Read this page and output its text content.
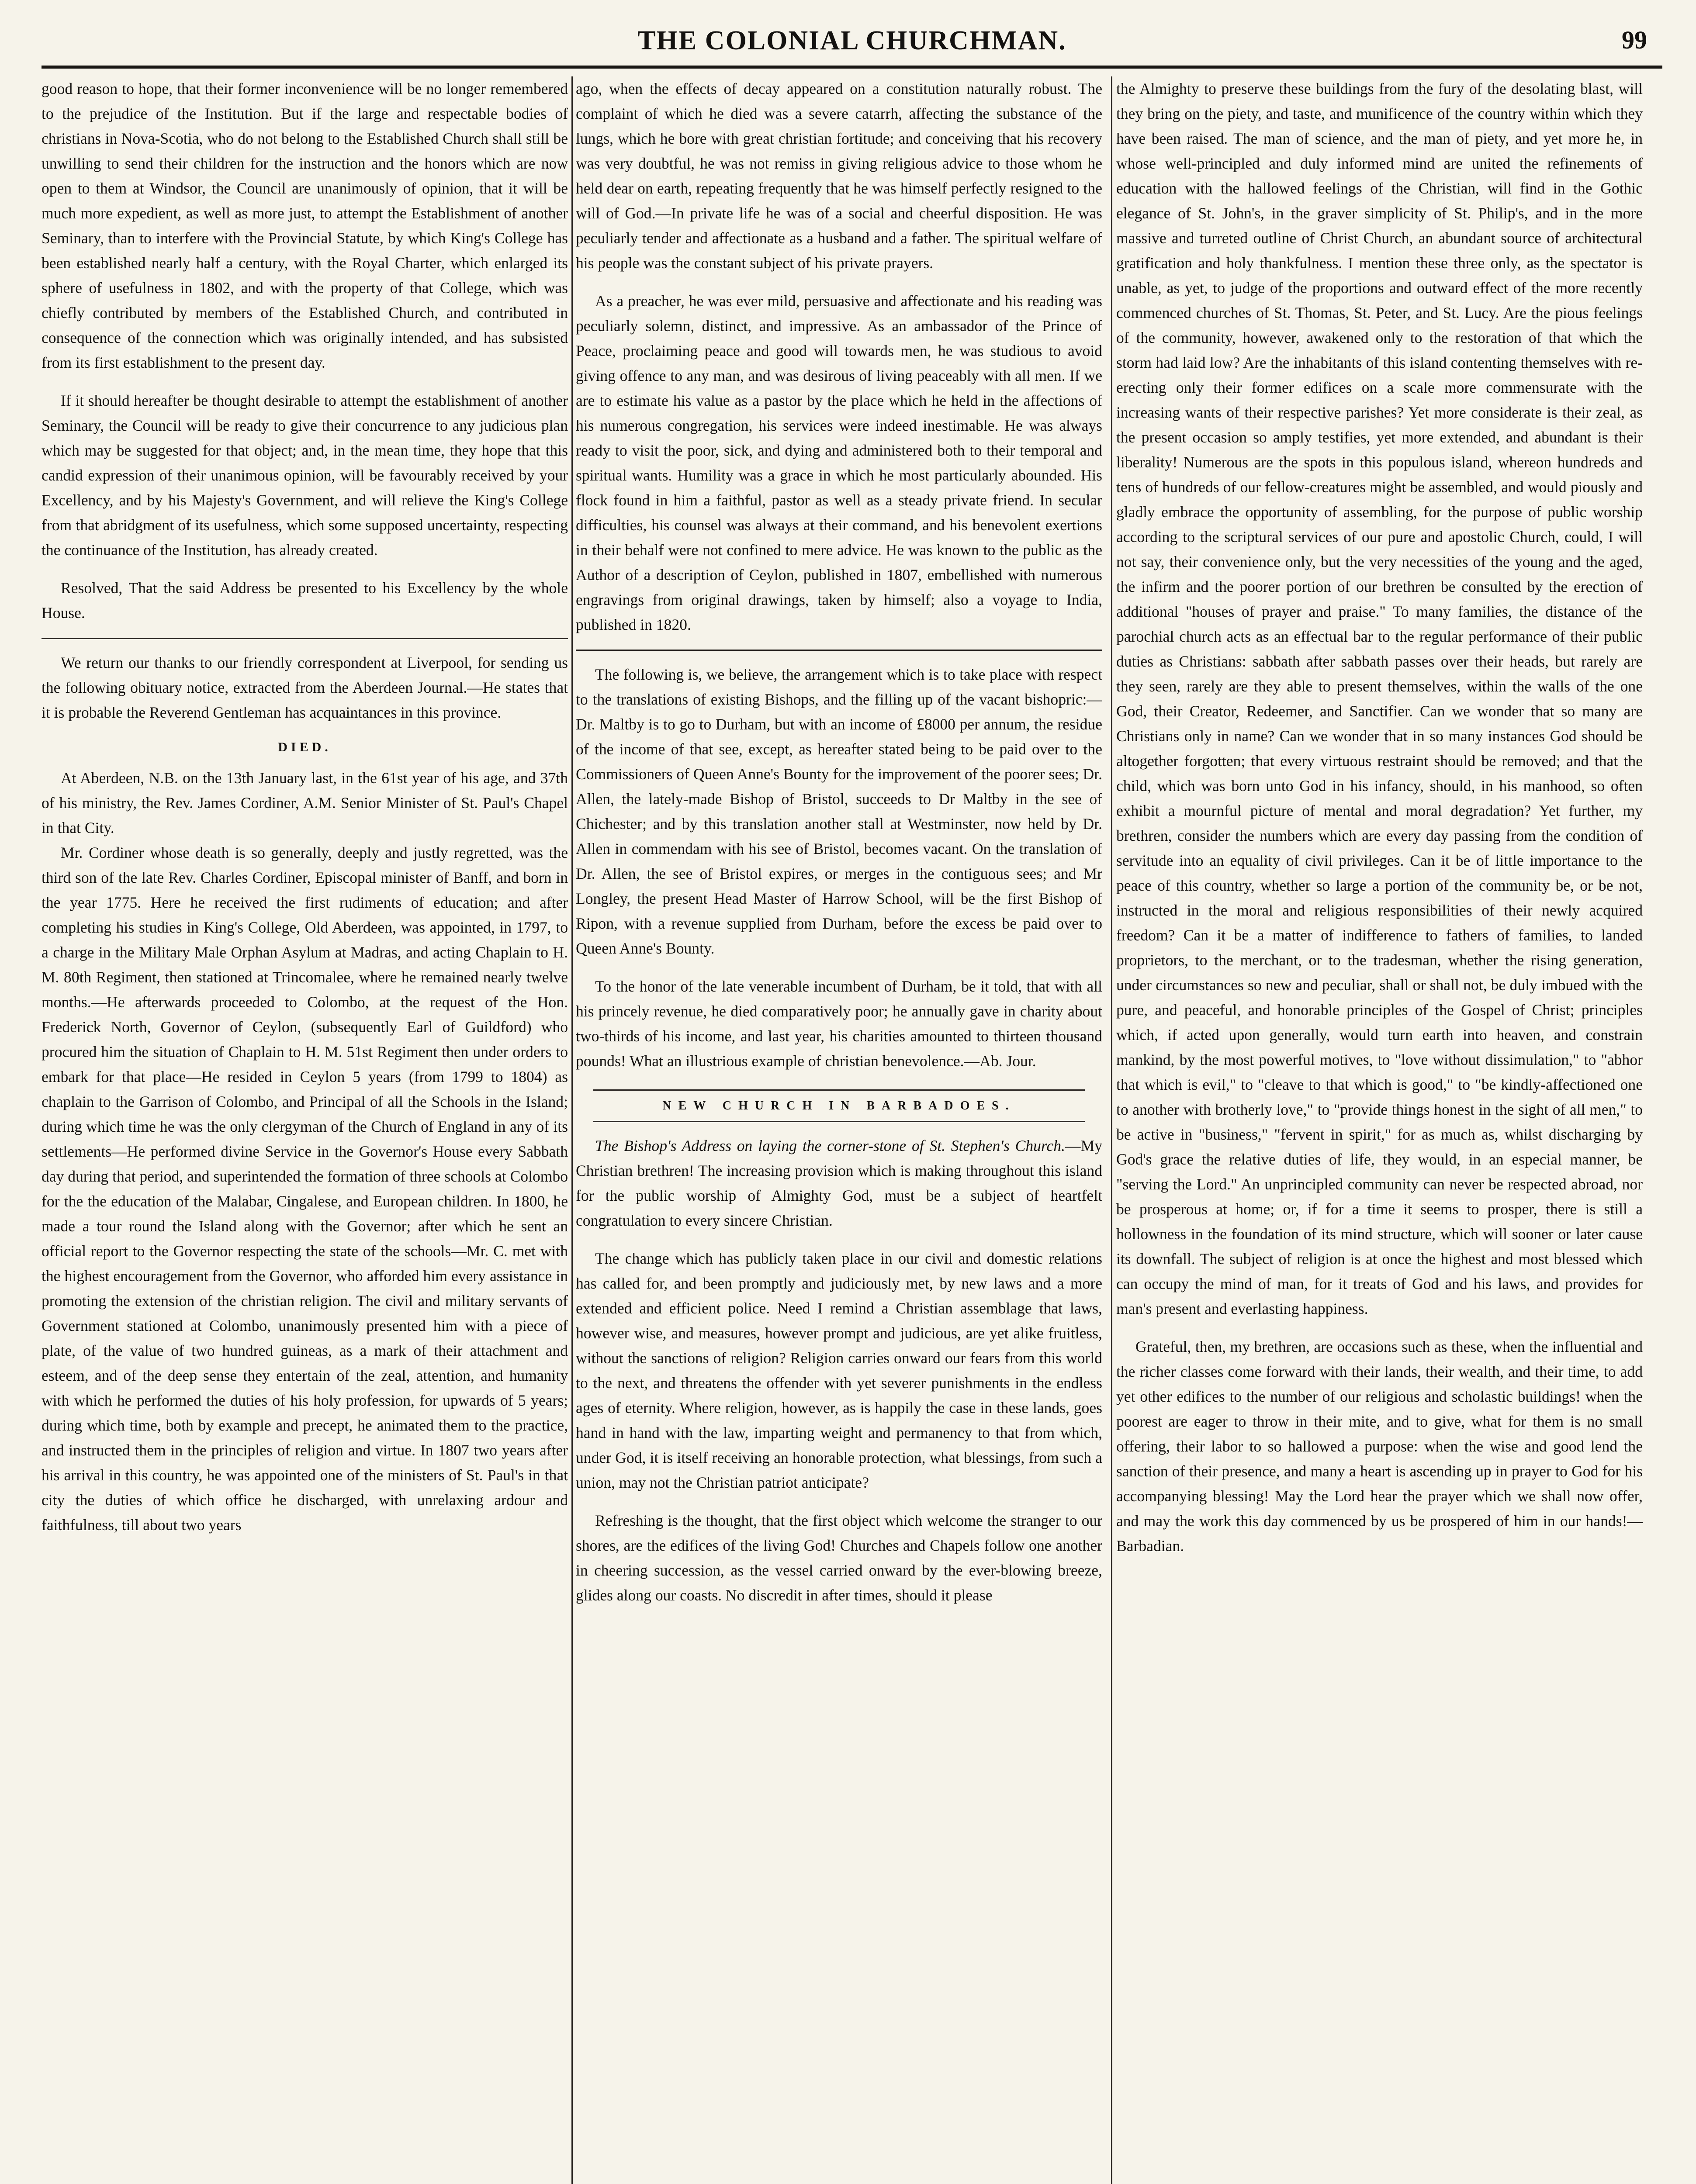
THE COLONIAL CHURCHMAN.	99

good reason to hope, that their former inconvenience will be no longer remembered to the prejudice of the Institution. But if the large and respectable bodies of christians in Nova-Scotia, who do not belong to the Established Church shall still be unwilling to send their children for the instruction and the honors which are now open to them at Windsor, the Council are unanimously of opinion, that it will be much more expedient, as well as more just, to attempt the Establishment of another Seminary, than to interfere with the Provincial Statute, by which King's College has been established nearly half a century, with the Royal Charter, which enlarged its sphere of usefulness in 1802, and with the property of that College, which was chiefly contributed by members of the Established Church, and contributed in consequence of the connection which was originally intended, and has subsisted from its first establishment to the present day.

If it should hereafter be thought desirable to attempt the establishment of another Seminary, the Council will be ready to give their concurrence to any judicious plan which may be suggested for that object; and, in the mean time, they hope that this candid expression of their unanimous opinion, will be favourably received by your Excellency, and by his Majesty's Government, and will relieve the King's College from that abridgment of its usefulness, which some supposed uncertainty, respecting the continuance of the Institution, has already created.

Resolved, That the said Address be presented to his Excellency by the whole House.

We return our thanks to our friendly correspondent at Liverpool, for sending us the following obituary notice, extracted from the Aberdeen Journal.—He states that it is probable the Reverend Gentleman has acquaintances in this province.

DIED.

At Aberdeen, N.B. on the 13th January last, in the 61st year of his age, and 37th of his ministry, the Rev. James Cordiner, A.M. Senior Minister of St. Paul's Chapel in that City.

Mr. Cordiner whose death is so generally, deeply and justly regretted, was the third son of the late Rev. Charles Cordiner, Episcopal minister of Banff, and born in the year 1775. Here he received the first rudiments of education; and after completing his studies in King's College, Old Aberdeen, was appointed, in 1797, to a charge in the Military Male Orphan Asylum at Madras, and acting Chaplain to H. M. 80th Regiment, then stationed at Trincomalee, where he remained nearly twelve months.—He afterwards proceeded to Colombo, at the request of the Hon. Frederick North, Governor of Ceylon, (subsequently Earl of Guildford) who procured him the situation of Chaplain to H. M. 51st Regiment then under orders to embark for that place—He resided in Ceylon 5 years (from 1799 to 1804) as chaplain to the Garrison of Colombo, and Principal of all the Schools in the Island; during which time he was the only clergyman of the Church of England in any of its settlements—He performed divine Service in the Governor's House every Sabbath day during that period, and superintended the formation of three schools at Colombo for the the education of the Malabar, Cingalese, and European children. In 1800, he made a tour round the Island along with the Governor; after which he sent an official report to the Governor respecting the state of the schools—Mr. C. met with the highest encouragement from the Governor, who afforded him every assistance in promoting the extension of the christian religion. The civil and military servants of Government stationed at Colombo, unanimously presented him with a piece of plate, of the value of two hundred guineas, as a mark of their attachment and esteem, and of the deep sense they entertain of the zeal, attention, and humanity with which he performed the duties of his holy profession, for upwards of 5 years; during which time, both by example and precept, he animated them to the practice, and instructed them in the principles of religion and virtue. In 1807 two years after his arrival in this country, he was appointed one of the ministers of St. Paul's in that city the duties of which office he discharged, with unrelaxing ardour and faithfulness, till about two years

ago, when the effects of decay appeared on a constitution naturally robust. The complaint of which he died was a severe catarrh, affecting the substance of the lungs, which he bore with great christian fortitude; and conceiving that his recovery was very doubtful, he was not remiss in giving religious advice to those whom he held dear on earth, repeating frequently that he was himself perfectly resigned to the will of God.—In private life he was of a social and cheerful disposition. He was peculiarly tender and affectionate as a husband and a father. The spiritual welfare of his people was the constant subject of his private prayers.

As a preacher, he was ever mild, persuasive and affectionate and his reading was peculiarly solemn, distinct, and impressive. As an ambassador of the Prince of Peace, proclaiming peace and good will towards men, he was studious to avoid giving offence to any man, and was desirous of living peaceably with all men. If we are to estimate his value as a pastor by the place which he held in the affections of his numerous congregation, his services were indeed inestimable. He was always ready to visit the poor, sick, and dying and administered both to their temporal and spiritual wants. Humility was a grace in which he most particularly abounded. His flock found in him a faithful, pastor as well as a steady private friend. In secular difficulties, his counsel was always at their command, and his benevolent exertions in their behalf were not confined to mere advice. He was known to the public as the Author of a description of Ceylon, published in 1807, embellished with numerous engravings from original drawings, taken by himself; also a voyage to India, published in 1820.

The following is, we believe, the arrangement which is to take place with respect to the translations of existing Bishops, and the filling up of the vacant bishopric:—Dr. Maltby is to go to Durham, but with an income of £8000 per annum, the residue of the income of that see, except, as hereafter stated being to be paid over to the Commissioners of Queen Anne's Bounty for the improvement of the poorer sees; Dr. Allen, the lately-made Bishop of Bristol, succeeds to Dr Maltby in the see of Chichester; and by this translation another stall at Westminster, now held by Dr. Allen in commendam with his see of Bristol, becomes vacant. On the translation of Dr. Allen, the see of Bristol expires, or merges in the contiguous sees; and Mr Longley, the present Head Master of Harrow School, will be the first Bishop of Ripon, with a revenue supplied from Durham, before the excess be paid over to Queen Anne's Bounty.

To the honor of the late venerable incumbent of Durham, be it told, that with all his princely revenue, he died comparatively poor; he annually gave in charity about two-thirds of his income, and last year, his charities amounted to thirteen thousand pounds! What an illustrious example of christian benevolence.—Ab. Jour.

NEW CHURCH IN BARBADOES.

The Bishop's Address on laying the corner-stone of St. Stephen's Church.—My Christian brethren! The increasing provision which is making throughout this island for the public worship of Almighty God, must be a subject of heartfelt congratulation to every sincere Christian.

The change which has publicly taken place in our civil and domestic relations has called for, and been promptly and judiciously met, by new laws and a more extended and efficient police. Need I remind a Christian assemblage that laws, however wise, and measures, however prompt and judicious, are yet alike fruitless, without the sanctions of religion? Religion carries onward our fears from this world to the next, and threatens the offender with yet severer punishments in the endless ages of eternity. Where religion, however, as is happily the case in these lands, goes hand in hand with the law, imparting weight and permanency to that from which, under God, it is itself receiving an honorable protection, what blessings, from such a union, may not the Christian patriot anticipate?

Refreshing is the thought, that the first object which welcome the stranger to our shores, are the edifices of the living God! Churches and Chapels follow one another in cheering succession, as the vessel carried onward by the ever-blowing breeze, glides along our coasts. No discredit in after times, should it please

the Almighty to preserve these buildings from the fury of the desolating blast, will they bring on the piety, and taste, and munificence of the country within which they have been raised. The man of science, and the man of piety, and yet more he, in whose well-principled and duly informed mind are united the refinements of education with the hallowed feelings of the Christian, will find in the Gothic elegance of St. John's, in the graver simplicity of St. Philip's, and in the more massive and turreted outline of Christ Church, an abundant source of architectural gratification and holy thankfulness. I mention these three only, as the spectator is unable, as yet, to judge of the proportions and outward effect of the more recently commenced churches of St. Thomas, St. Peter, and St. Lucy. Are the pious feelings of the community, however, awakened only to the restoration of that which the storm had laid low? Are the inhabitants of this island contenting themselves with re-erecting only their former edifices on a scale more commensurate with the increasing wants of their respective parishes? Yet more considerate is their zeal, as the present occasion so amply testifies, yet more extended, and abundant is their liberality! Numerous are the spots in this populous island, whereon hundreds and tens of hundreds of our fellow-creatures might be assembled, and would piously and gladly embrace the opportunity of assembling, for the purpose of public worship according to the scriptural services of our pure and apostolic Church, could, I will not say, their convenience only, but the very necessities of the young and the aged, the infirm and the poorer portion of our brethren be consulted by the erection of additional "houses of prayer and praise." To many families, the distance of the parochial church acts as an effectual bar to the regular performance of their public duties as Christians: sabbath after sabbath passes over their heads, but rarely are they seen, rarely are they able to present themselves, within the walls of the one God, their Creator, Redeemer, and Sanctifier. Can we wonder that so many are Christians only in name? Can we wonder that in so many instances God should be altogether forgotten; that every virtuous restraint should be removed; and that the child, which was born unto God in his infancy, should, in his manhood, so often exhibit a mournful picture of mental and moral degradation? Yet further, my brethren, consider the numbers which are every day passing from the condition of servitude into an equality of civil privileges. Can it be of little importance to the peace of this country, whether so large a portion of the community be, or be not, instructed in the moral and religious responsibilities of their newly acquired freedom? Can it be a matter of indifference to fathers of families, to landed proprietors, to the merchant, or to the tradesman, whether the rising generation, under circumstances so new and peculiar, shall or shall not, be duly imbued with the pure, and peaceful, and honorable principles of the Gospel of Christ; principles which, if acted upon generally, would turn earth into heaven, and constrain mankind, by the most powerful motives, to "love without dissimulation," to "abhor that which is evil," to "cleave to that which is good," to "be kindly-affectioned one to another with brotherly love," to "provide things honest in the sight of all men," to be active in "business," "fervent in spirit," for as much as, whilst discharging by God's grace the relative duties of life, they would, in an especial manner, be "serving the Lord." An unprincipled community can never be respected abroad, nor be prosperous at home; or, if for a time it seems to prosper, there is still a hollowness in the foundation of its mind structure, which will sooner or later cause its downfall. The subject of religion is at once the highest and most blessed which can occupy the mind of man, for it treats of God and his laws, and provides for man's present and everlasting happiness.

Grateful, then, my brethren, are occasions such as these, when the influential and the richer classes come forward with their lands, their wealth, and their time, to add yet other edifices to the number of our religious and scholastic buildings! when the poorest are eager to throw in their mite, and to give, what for them is no small offering, their labor to so hallowed a purpose: when the wise and good lend the sanction of their presence, and many a heart is ascending up in prayer to God for his accompanying blessing! May the Lord hear the prayer which we shall now offer, and may the work this day commenced by us be prospered of him in our hands!—Barbadian.
